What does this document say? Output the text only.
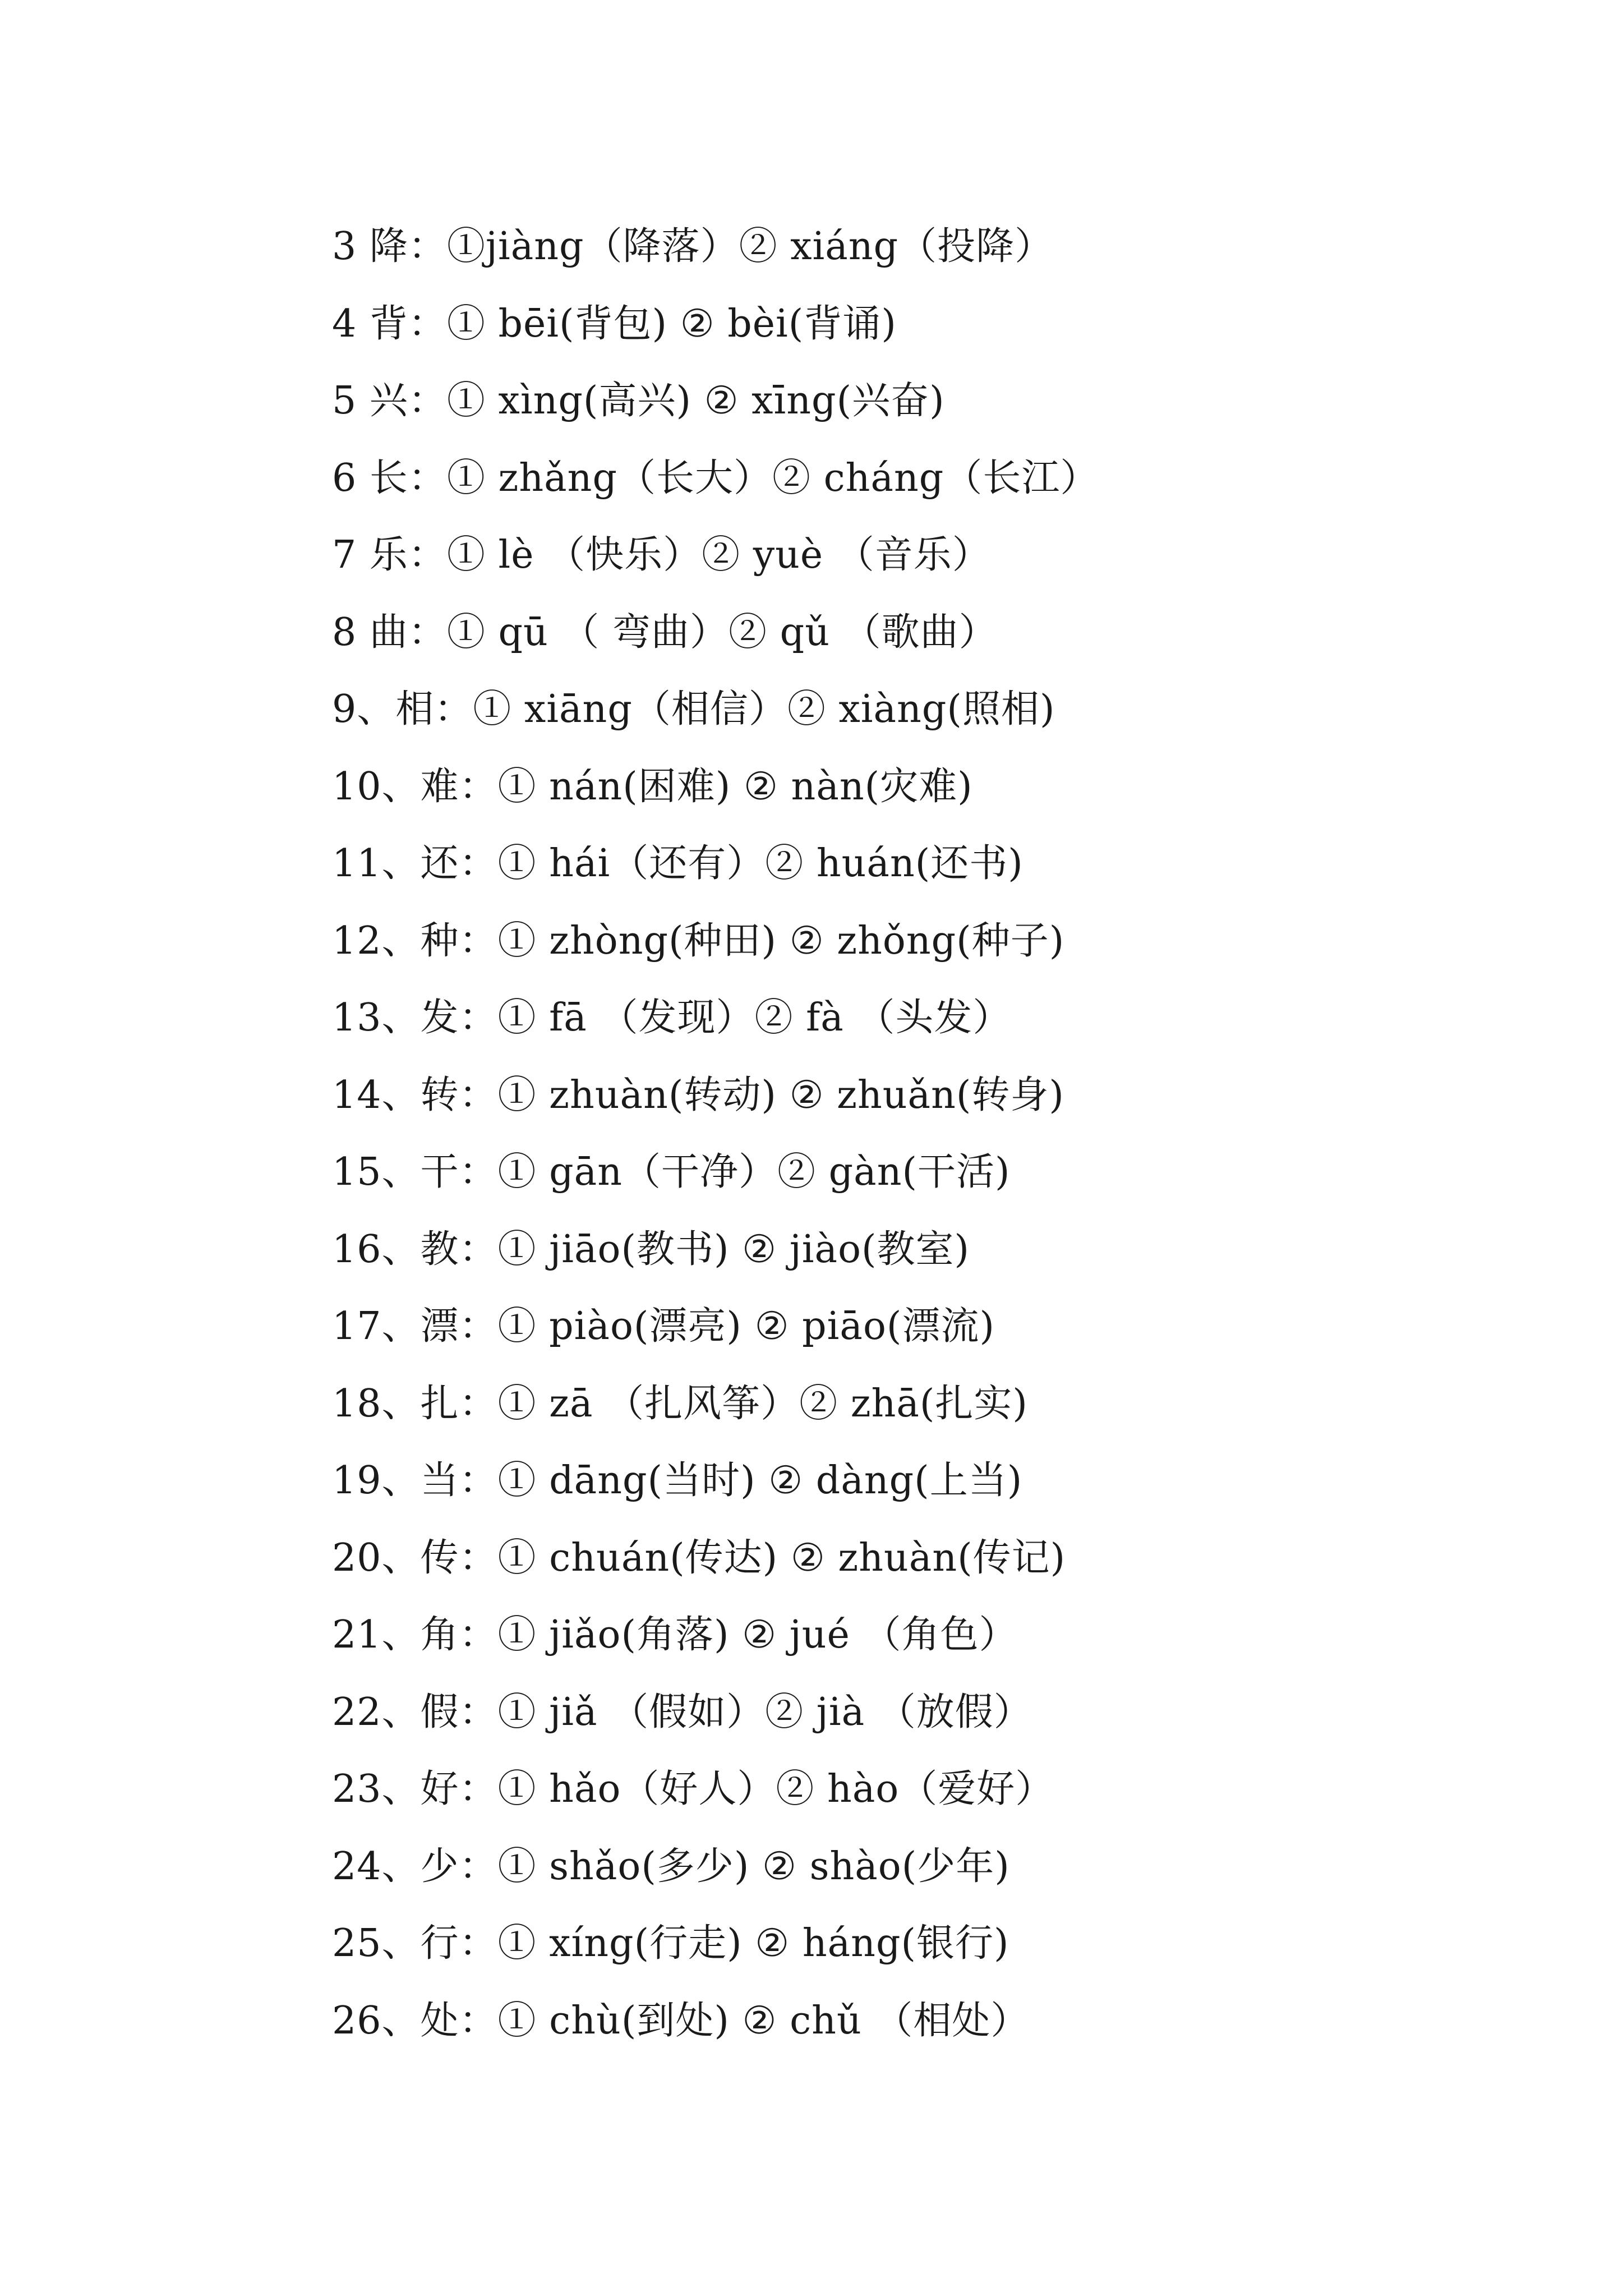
3 降：①jiàng（降落）② xiáng（投降）
4 背：① bēi(背包) ② bèi(背诵)
5 兴：① xìng(高兴) ② xīng(兴奋)
6 长：① zhǎng（长大）② cháng（长江）
7 乐：① lè （快乐）② yuè （音乐）
8 曲：① qū （ 弯曲）② qǔ （歌曲）
9、相：① xiāng（相信）② xiàng(照相)
10、难：① nán(困难) ② nàn(灾难)
11、还：① hái（还有）② huán(还书)
12、种：① zhòng(种田) ② zhǒng(种子)
13、发：① fā （发现）② fà （头发）
14、转：① zhuàn(转动) ② zhuǎn(转身)
15、干：① gān（干净）② gàn(干活)
16、教：① jiāo(教书) ② jiào(教室)
17、漂：① piào(漂亮) ② piāo(漂流)
18、扎：① zā （扎风筝）② zhā(扎实)
19、当：① dāng(当时) ② dàng(上当)
20、传：① chuán(传达) ② zhuàn(传记)
21、角：① jiǎo(角落) ② jué （角色）
22、假：① jiǎ （假如）② jià （放假）
23、好：① hǎo（好人）② hào（爱好）
24、少：① shǎo(多少) ② shào(少年)
25、行：① xíng(行走) ② háng(银行)
26、处：① chù(到处) ② chǔ （相处）
